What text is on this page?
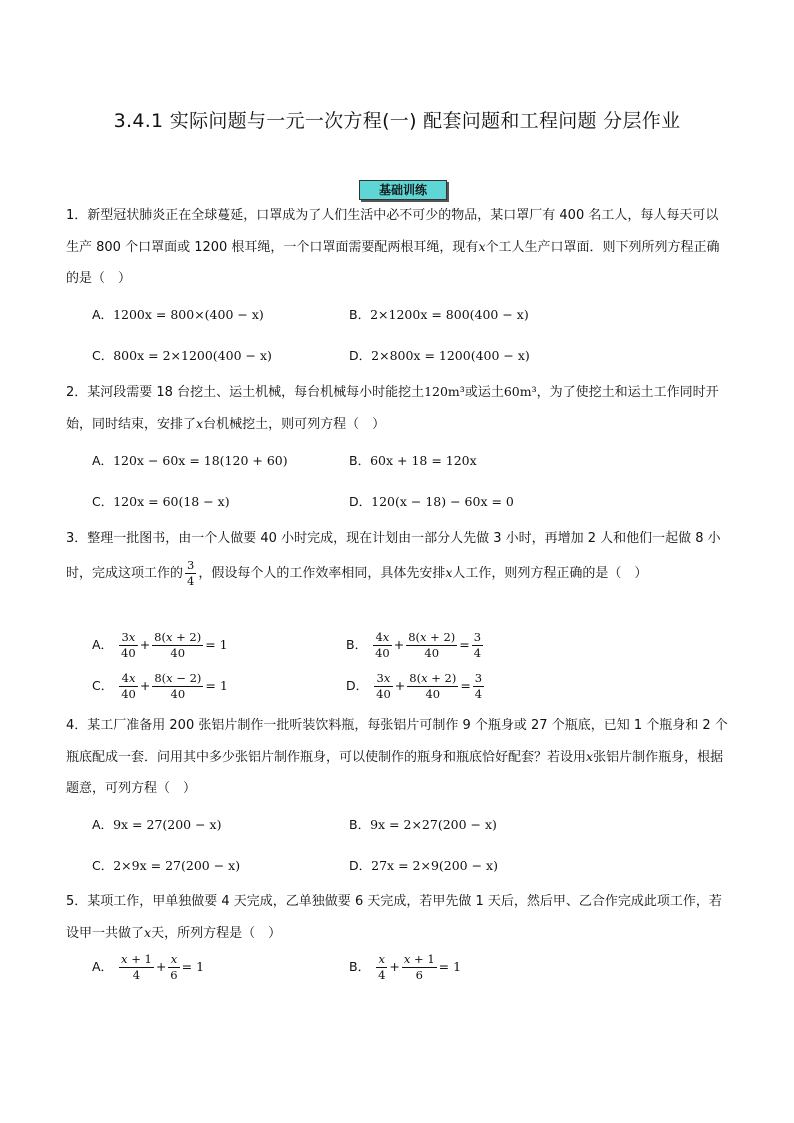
3.4.1 实际问题与一元一次方程(一) 配套问题和工程问题 分层作业
基础训练
1．新型冠状肺炎正在全球蔓延，口罩成为了人们生活中必不可少的物品，某口罩厂有 400 名工人，每人每天可以生产 800 个口罩面或 1200 根耳绳，一个口罩面需要配两根耳绳，现有x个工人生产口罩面．则下列所列方程正确的是（　）
A．1200x = 800×(400 − x)	B．2×1200x = 800(400 − x)
C．800x = 2×1200(400 − x)	D．2×800x = 1200(400 − x)
2．某河段需要 18 台挖土、运土机械，每台机械每小时能挖土120m³或运土60m³，为了使挖土和运土工作同时开始，同时结束，安排了x台机械挖土，则可列方程（　）
A．120x − 60x = 18(120 + 60)	B．60x + 18 = 120x
C．120x = 60(18 − x)	D．120(x − 18) − 60x = 0
3．整理一批图书，由一个人做要 40 小时完成，现在计划由一部分人先做 3 小时，再增加 2 人和他们一起做 8 小时，完成这项工作的 $\frac{3}{4}$ ，假设每个人的工作效率相同，具体先安排x人工作，则列方程正确的是（　）
A． $\frac{3x}{40} + \frac{8(x + 2)}{40} = 1$	B． $\frac{4x}{40} + \frac{8(x + 2)}{40} = \frac{3}{4}$
C． $\frac{4x}{40} + \frac{8(x - 2)}{40} = 1$	D． $\frac{3x}{40} + \frac{8(x + 2)}{40} = \frac{3}{4}$
4．某工厂准备用 200 张铝片制作一批听装饮料瓶，每张铝片可制作 9 个瓶身或 27 个瓶底，已知 1 个瓶身和 2 个瓶底配成一套．问用其中多少张铝片制作瓶身，可以使制作的瓶身和瓶底恰好配套？若设用x张铝片制作瓶身，根据题意，可列方程（　）
A．9x = 27(200 − x)	B．9x = 2×27(200 − x)
C．2×9x = 27(200 − x)	D．27x = 2×9(200 − x)
5．某项工作，甲单独做要 4 天完成，乙单独做要 6 天完成，若甲先做 1 天后，然后甲、乙合作完成此项工作，若设甲一共做了x天，所列方程是（　）
A． $\frac{x + 1}{4} + \frac{x}{6} = 1$	B． $\frac{x}{4} + \frac{x + 1}{6} = 1$
